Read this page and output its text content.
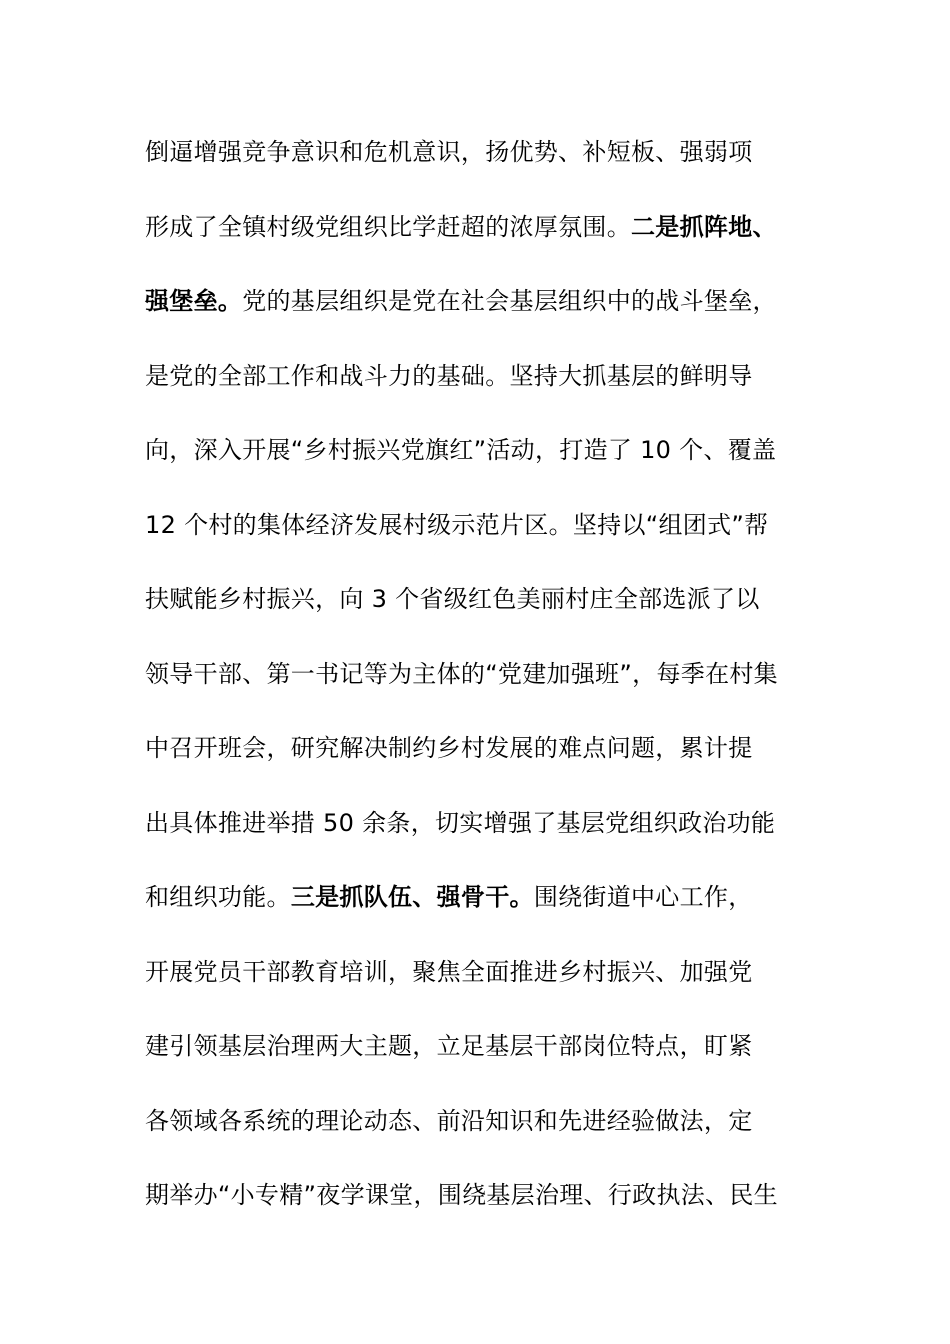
倒逼增强竞争意识和危机意识，扬优势、补短板、强弱项
形成了全镇村级党组织比学赶超的浓厚氛围。二是抓阵地、
强堡垒。党的基层组织是党在社会基层组织中的战斗堡垒，
是党的全部工作和战斗力的基础。坚持大抓基层的鲜明导
向，深入开展“乡村振兴党旗红”活动，打造了 10 个、覆盖
12 个村的集体经济发展村级示范片区。坚持以“组团式”帮
扶赋能乡村振兴，向 3 个省级红色美丽村庄全部选派了以
领导干部、第一书记等为主体的“党建加强班”，每季在村集
中召开班会，研究解决制约乡村发展的难点问题，累计提
出具体推进举措 50 余条，切实增强了基层党组织政治功能
和组织功能。三是抓队伍、强骨干。围绕街道中心工作，
开展党员干部教育培训，聚焦全面推进乡村振兴、加强党
建引领基层治理两大主题，立足基层干部岗位特点，盯紧
各领域各系统的理论动态、前沿知识和先进经验做法，定
期举办“小专精”夜学课堂，围绕基层治理、行政执法、民生
